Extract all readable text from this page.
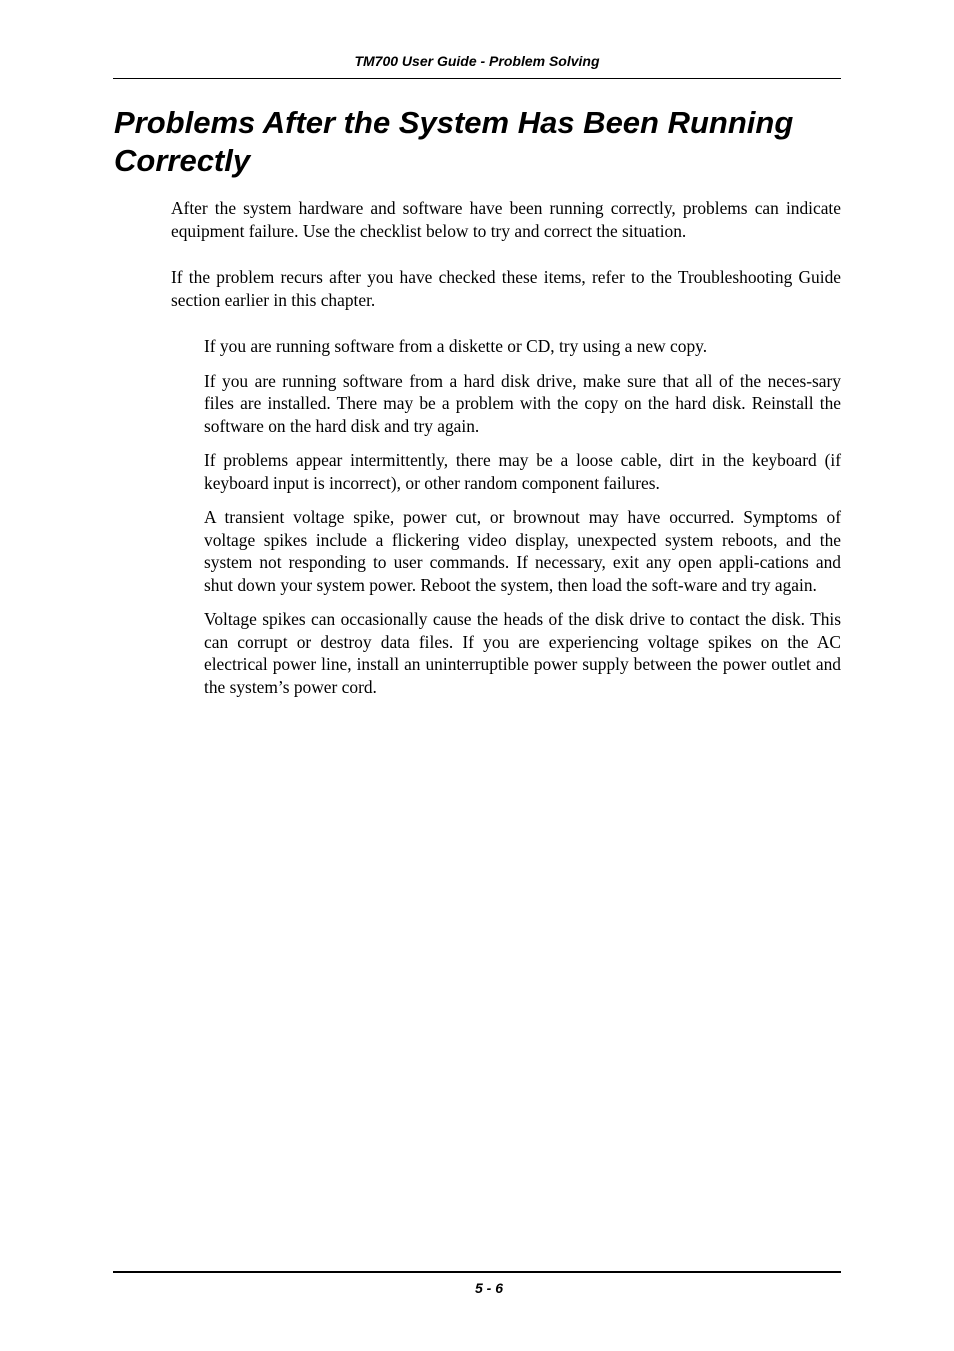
TM700 User Guide - Problem Solving
Problems After the System Has Been Running
Correctly

After the system hardware and software have been running correctly, problems can indicate equipment failure. Use the checklist below to try and correct the situation.

If the problem recurs after you have checked these items, refer to the Troubleshooting Guide section earlier in this chapter.

If you are running software from a diskette or CD, try using a new copy.
If you are running software from a hard disk drive, make sure that all of the neces-sary files are installed. There may be a problem with the copy on the hard disk. Reinstall the software on the hard disk and try again.
If problems appear intermittently, there may be a loose cable, dirt in the keyboard (if keyboard input is incorrect), or other random component failures.
A transient voltage spike, power cut, or brownout may have occurred. Symptoms of voltage spikes include a flickering video display, unexpected system reboots, and the system not responding to user commands. If necessary, exit any open appli-cations and shut down your system power. Reboot the system, then load the soft-ware and try again.
Voltage spikes can occasionally cause the heads of the disk drive to contact the disk. This can corrupt or destroy data files. If you are experiencing voltage spikes on the AC electrical power line, install an uninterruptible power supply between the power outlet and the system’s power cord.
5 - 6
